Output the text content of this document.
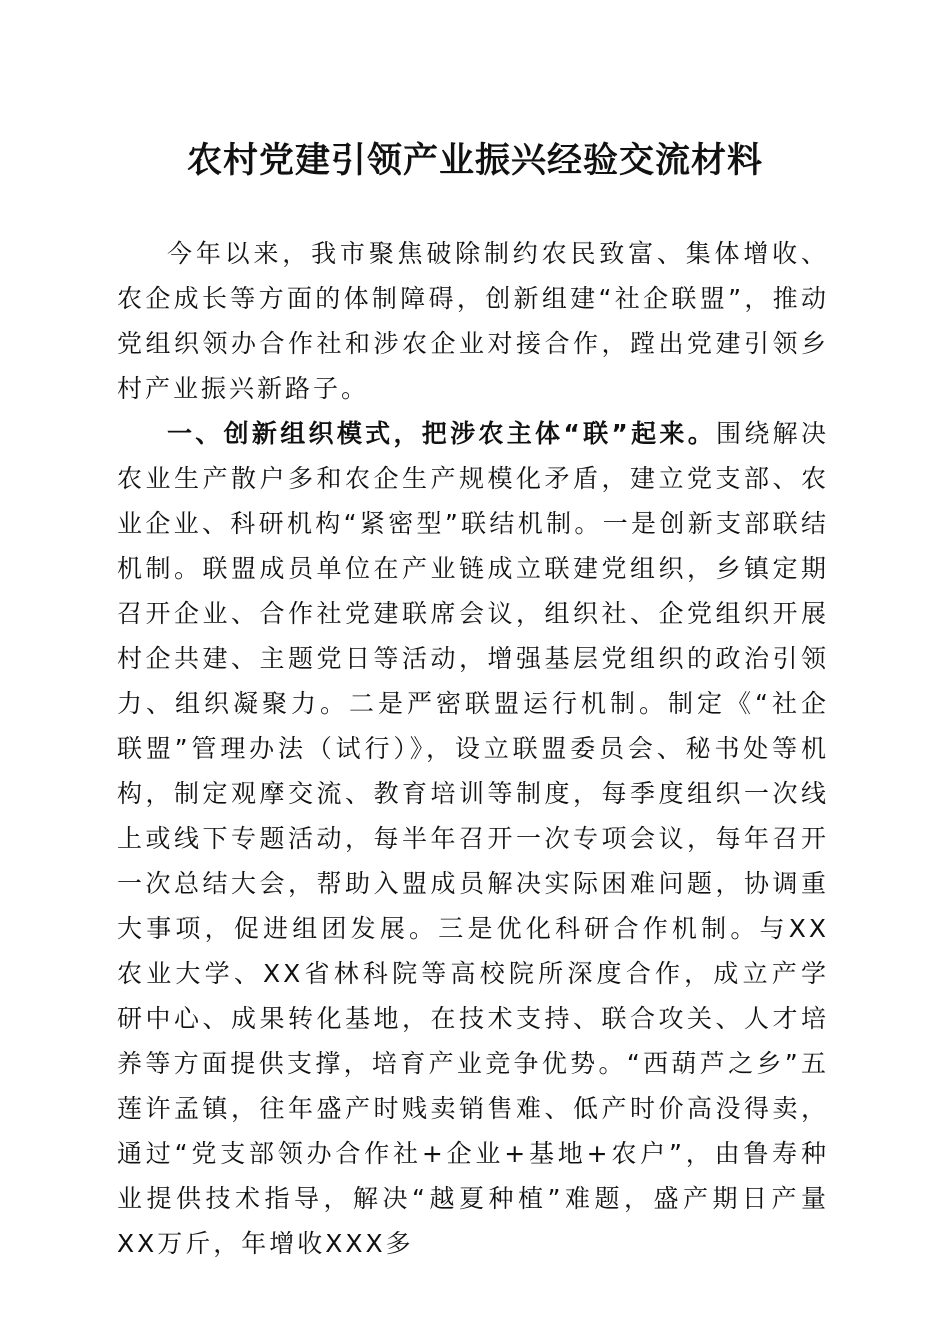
农村党建引领产业振兴经验交流材料

今年以来，我市聚焦破除制约农民致富、集体增收、农企成长等方面的体制障碍，创新组建“社企联盟”，推动党组织领办合作社和涉农企业对接合作，蹚出党建引领乡村产业振兴新路子。

一、创新组织模式，把涉农主体“联”起来。围绕解决农业生产散户多和农企生产规模化矛盾，建立党支部、农业企业、科研机构“紧密型”联结机制。一是创新支部联结机制。联盟成员单位在产业链成立联建党组织，乡镇定期召开企业、合作社党建联席会议，组织社、企党组织开展村企共建、主题党日等活动，增强基层党组织的政治引领力、组织凝聚力。二是严密联盟运行机制。制定《“社企联盟”管理办法（试行）》，设立联盟委员会、秘书处等机构，制定观摩交流、教育培训等制度，每季度组织一次线上或线下专题活动，每半年召开一次专项会议，每年召开一次总结大会，帮助入盟成员解决实际困难问题，协调重大事项，促进组团发展。三是优化科研合作机制。与XX农业大学、XX省林科院等高校院所深度合作，成立产学研中心、成果转化基地，在技术支持、联合攻关、人才培养等方面提供支撑，培育产业竞争优势。“西葫芦之乡”五莲许孟镇，往年盛产时贱卖销售难、低产时价高没得卖，通过“党支部领办合作社+企业+基地+农户”，由鲁寿种业提供技术指导，解决“越夏种植”难题，盛产期日产量XX万斤，年增收XXX多
